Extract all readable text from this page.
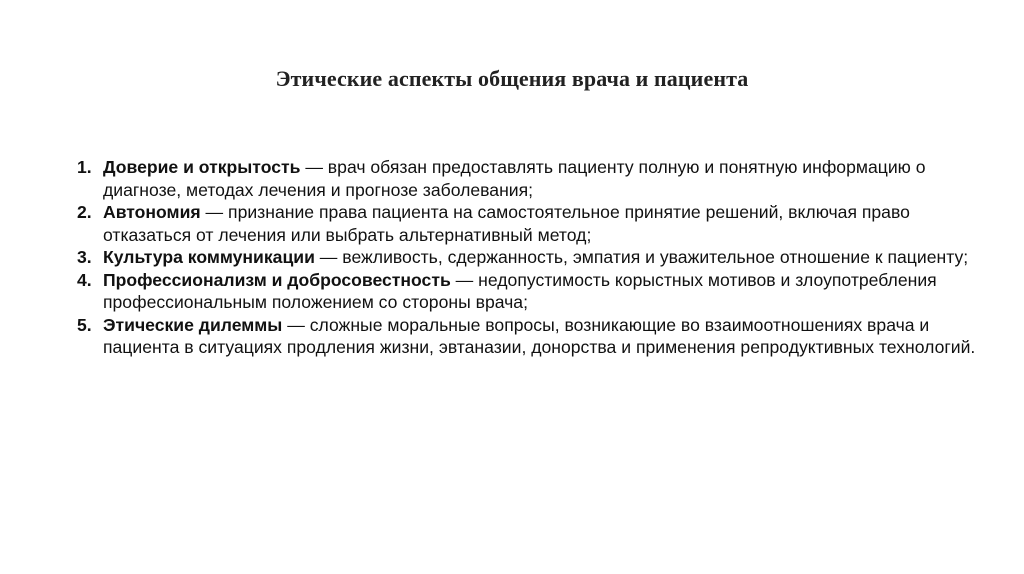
Этические аспекты общения врача и пациента
1. Доверие и открытость — врач обязан предоставлять пациенту полную и понятную информацию о диагнозе, методах лечения и прогнозе заболевания;
2. Автономия — признание права пациента на самостоятельное принятие решений, включая право отказаться от лечения или выбрать альтернативный метод;
3. Культура коммуникации — вежливость, сдержанность, эмпатия и уважительное отношение к пациенту;
4. Профессионализм и добросовестность — недопустимость корыстных мотивов и злоупотребления профессиональным положением со стороны врача;
5. Этические дилеммы — сложные моральные вопросы, возникающие во взаимоотношениях врача и пациента в ситуациях продления жизни, эвтаназии, донорства и применения репродуктивных технологий.
